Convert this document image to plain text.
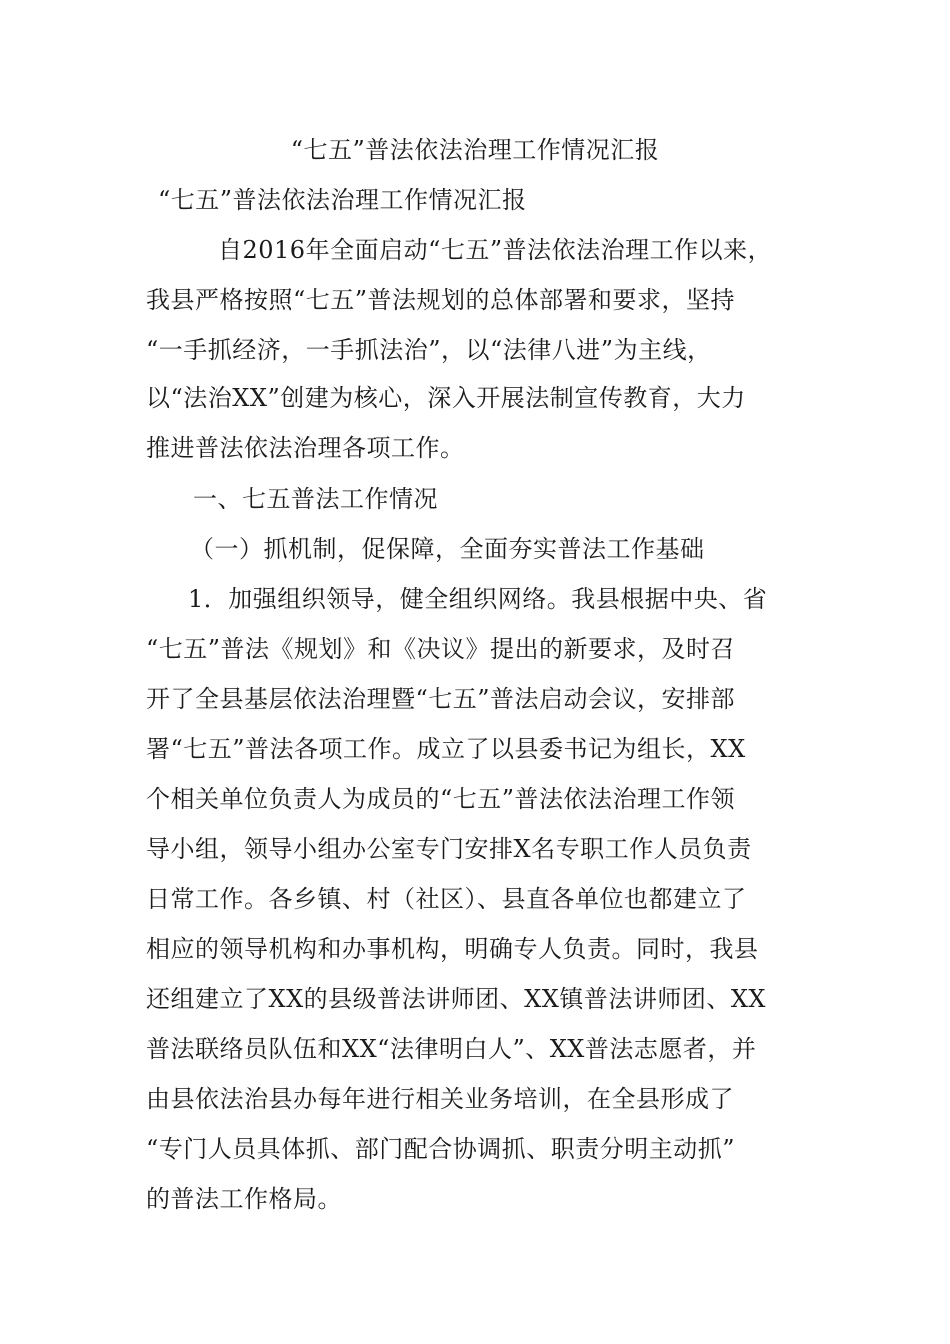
“七五”普法依法治理工作情况汇报
“七五”普法依法治理工作情况汇报
自2016年全面启动“七五”普法依法治理工作以来，
我县严格按照“七五”普法规划的总体部署和要求，坚持
“一手抓经济，一手抓法治”，以“法律八进”为主线，
以“法治XX”创建为核心，深入开展法制宣传教育，大力
推进普法依法治理各项工作。
一、七五普法工作情况
（一）抓机制，促保障，全面夯实普法工作基础
1．加强组织领导，健全组织网络。我县根据中央、省
“七五”普法《规划》和《决议》提出的新要求，及时召
开了全县基层依法治理暨“七五”普法启动会议，安排部
署“七五”普法各项工作。成立了以县委书记为组长，XX
个相关单位负责人为成员的“七五”普法依法治理工作领
导小组，领导小组办公室专门安排X名专职工作人员负责
日常工作。各乡镇、村（社区）、县直各单位也都建立了
相应的领导机构和办事机构，明确专人负责。同时，我县
还组建立了XX的县级普法讲师团、XX镇普法讲师团、XX
普法联络员队伍和XX“法律明白人”、XX普法志愿者，并
由县依法治县办每年进行相关业务培训，在全县形成了
“专门人员具体抓、部门配合协调抓、职责分明主动抓”
的普法工作格局。
